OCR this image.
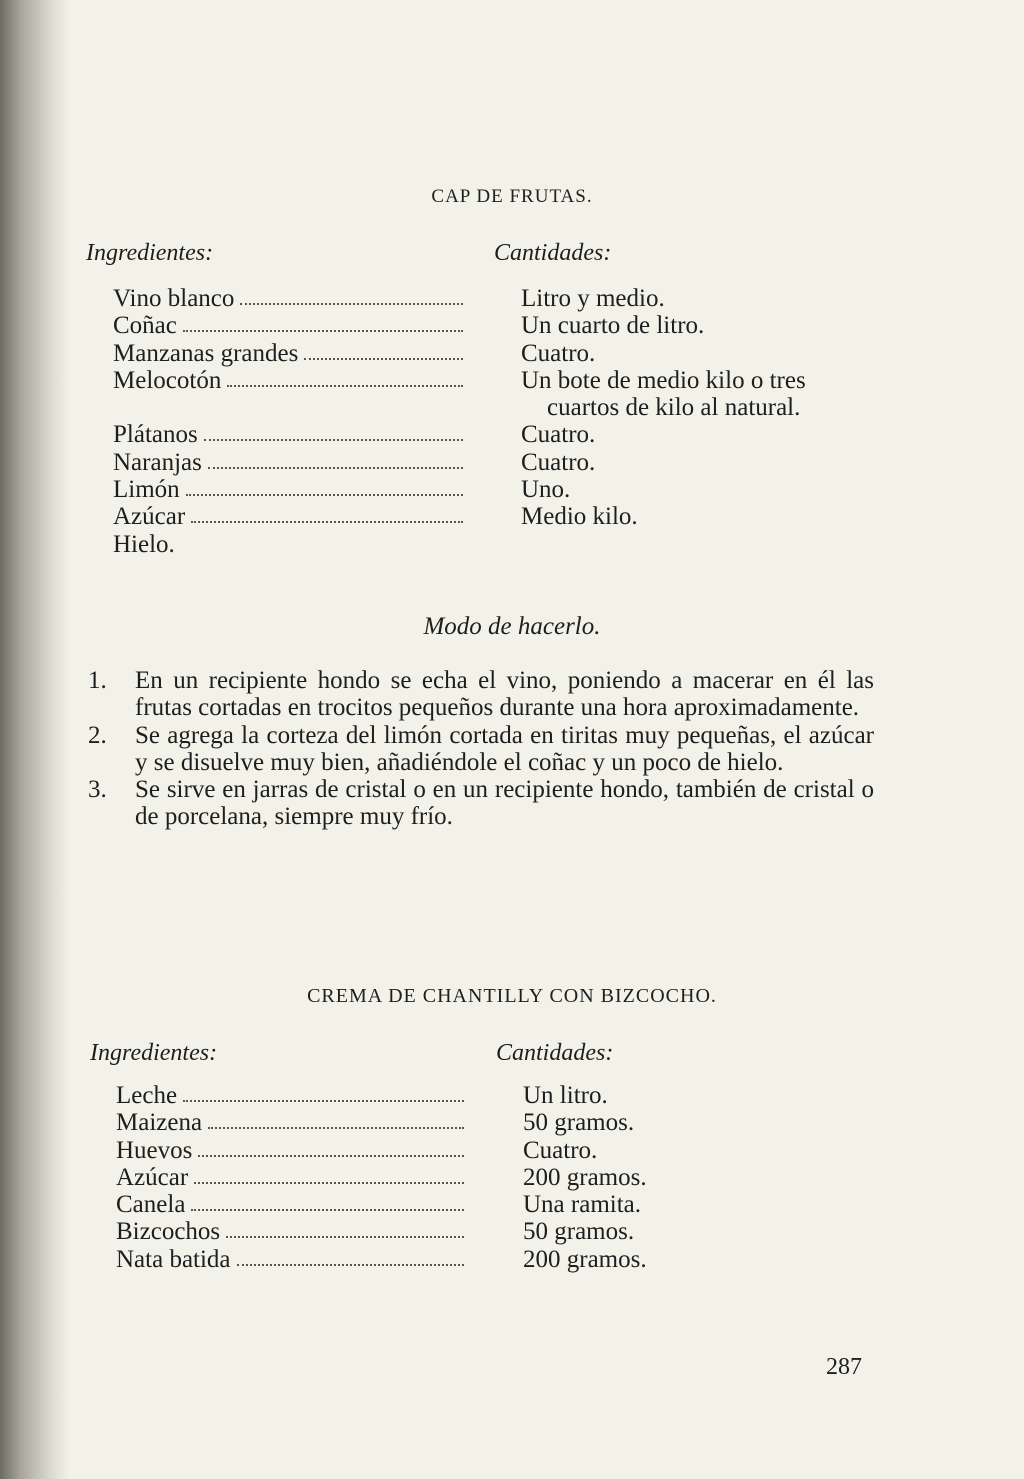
CAP DE FRUTAS.
Ingredientes:	Cantidades:
Vino blanco
Coñac
Manzanas grandes
Melocotón

Plátanos
Naranjas
Limón
Azúcar
Hielo.
Litro y medio.
Un cuarto de litro.
Cuatro.
Un bote de medio kilo o tres
cuartos de kilo al natural.
Cuatro.
Cuatro.
Uno.
Medio kilo.
Modo de hacerlo.
1. En un recipiente hondo se echa el vino, poniendo a macerar en él las frutas cortadas en trocitos pequeños durante una hora aproximadamente.
2. Se agrega la corteza del limón cortada en tiritas muy pequeñas, el azúcar y se disuelve muy bien, añadiéndole el coñac y un poco de hielo.
3. Se sirve en jarras de cristal o en un recipiente hondo, también de cristal o de porcelana, siempre muy frío.
CREMA DE CHANTILLY CON BIZCOCHO.
Ingredientes:	Cantidades:
Leche
Maizena
Huevos
Azúcar
Canela
Bizcochos
Nata batida
Un litro.
50 gramos.
Cuatro.
200 gramos.
Una ramita.
50 gramos.
200 gramos.
287
